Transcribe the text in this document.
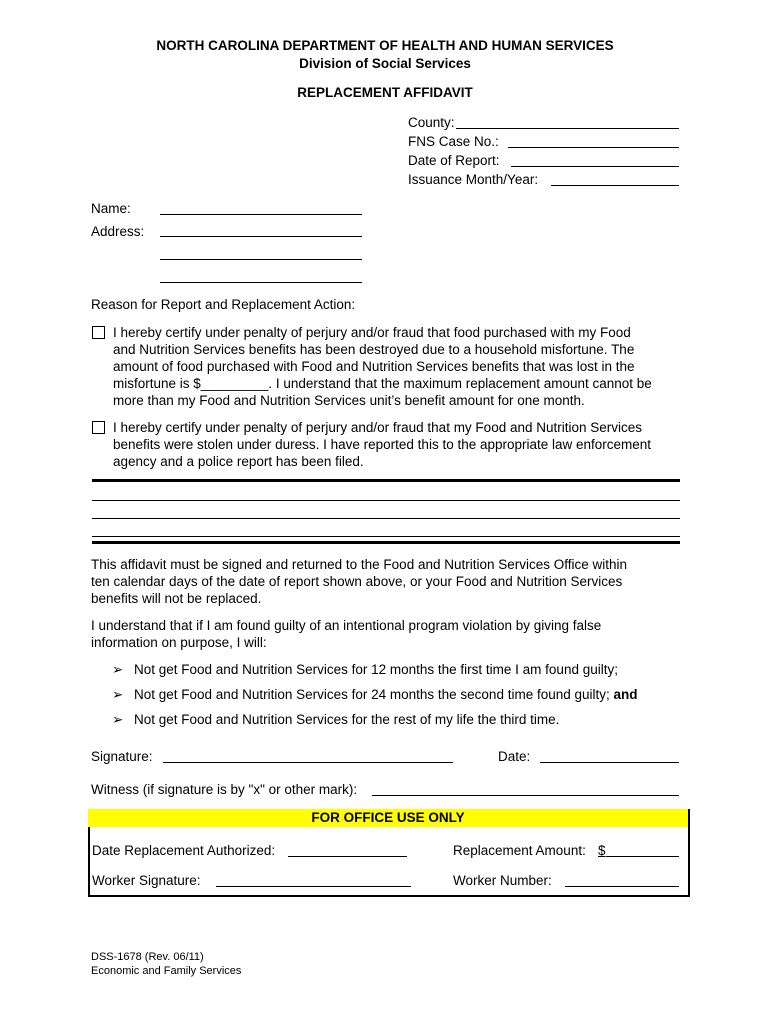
NORTH CAROLINA DEPARTMENT OF HEALTH AND HUMAN SERVICES
Division of Social Services
REPLACEMENT AFFIDAVIT
County:
FNS Case No.:
Date of Report:
Issuance Month/Year:
Name:
Address:
Reason for Report and Replacement Action:
I hereby certify under penalty of perjury and/or fraud that food purchased with my Food
and Nutrition Services benefits has been destroyed due to a household misfortune. The
amount of food purchased with Food and Nutrition Services benefits that was lost in the
misfortune is $_________. I understand that the maximum replacement amount cannot be
more than my Food and Nutrition Services unit’s benefit amount for one month.
I hereby certify under penalty of perjury and/or fraud that my Food and Nutrition Services
benefits were stolen under duress. I have reported this to the appropriate law enforcement
agency and a police report has been filed.
This affidavit must be signed and returned to the Food and Nutrition Services Office within
ten calendar days of the date of report shown above, or your Food and Nutrition Services
benefits will not be replaced.
I understand that if I am found guilty of an intentional program violation by giving false
information on purpose, I will:
➢ Not get Food and Nutrition Services for 12 months the first time I am found guilty;
➢ Not get Food and Nutrition Services for 24 months the second time found guilty; and
➢ Not get Food and Nutrition Services for the rest of my life the third time.
Signature:	Date:
Witness (if signature is by "x" or other mark):
FOR OFFICE USE ONLY
Date Replacement Authorized:	Replacement Amount: $
Worker Signature:	Worker Number:
DSS-1678 (Rev. 06/11)
Economic and Family Services
